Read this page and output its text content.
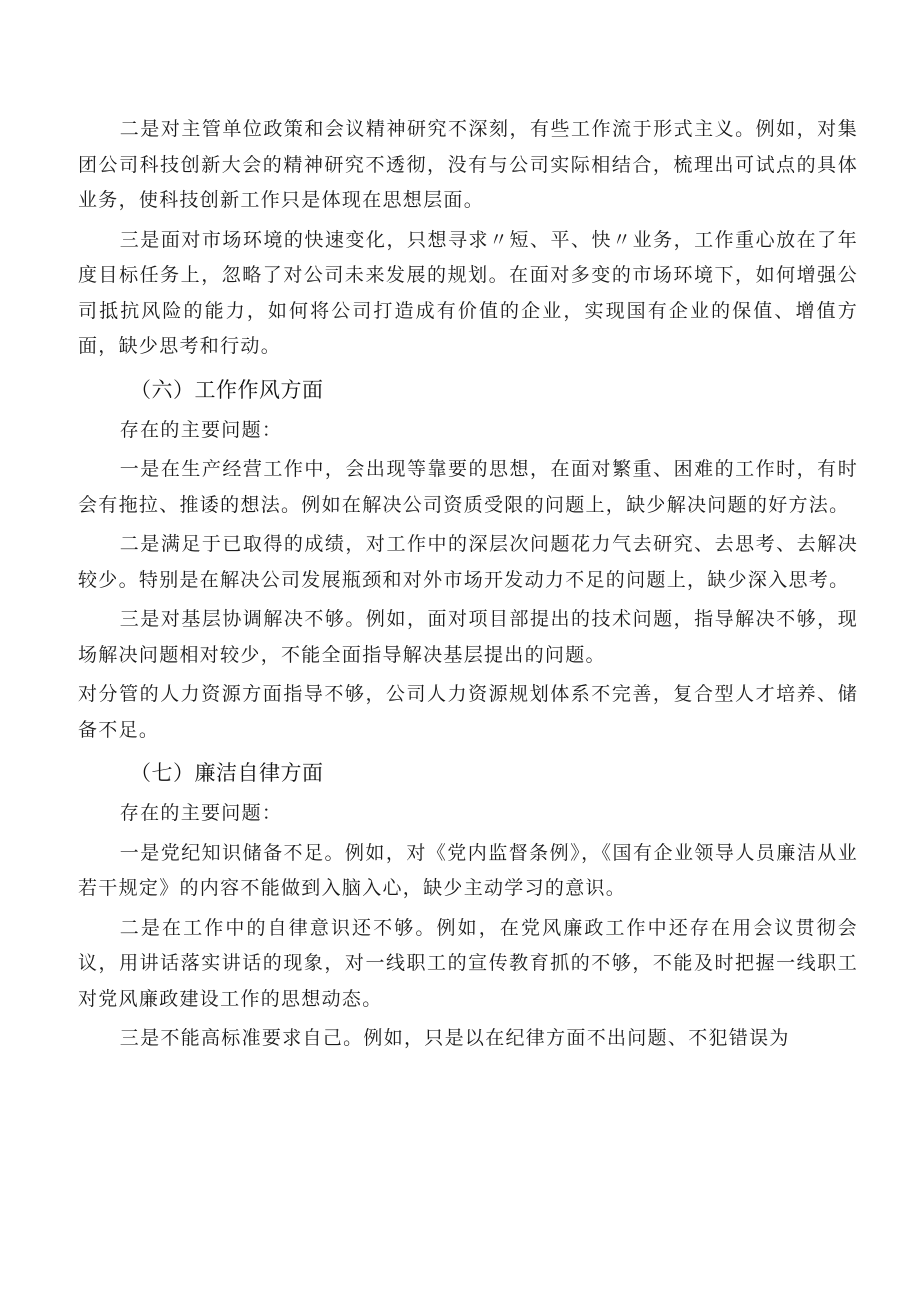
二是对主管单位政策和会议精神研究不深刻，有些工作流于形式主义。例如，对集团公司科技创新大会的精神研究不透彻，没有与公司实际相结合，梳理出可试点的具体业务，使科技创新工作只是体现在思想层面。

三是面对市场环境的快速变化，只想寻求〃短、平、快〃业务，工作重心放在了年度目标任务上，忽略了对公司未来发展的规划。在面对多变的市场环境下，如何增强公司抵抗风险的能力，如何将公司打造成有价值的企业，实现国有企业的保值、增值方面，缺少思考和行动。

（六）工作作风方面

存在的主要问题：

一是在生产经营工作中，会出现等靠要的思想，在面对繁重、困难的工作时，有时会有拖拉、推诿的想法。例如在解决公司资质受限的问题上，缺少解决问题的好方法。

二是满足于已取得的成绩，对工作中的深层次问题花力气去研究、去思考、去解决较少。特别是在解决公司发展瓶颈和对外市场开发动力不足的问题上，缺少深入思考。

三是对基层协调解决不够。例如，面对项目部提出的技术问题，指导解决不够，现场解决问题相对较少，不能全面指导解决基层提出的问题。

对分管的人力资源方面指导不够，公司人力资源规划体系不完善，复合型人才培养、储备不足。

（七）廉洁自律方面

存在的主要问题：

一是党纪知识储备不足。例如，对《党内监督条例》，《国有企业领导人员廉洁从业若干规定》的内容不能做到入脑入心，缺少主动学习的意识。

二是在工作中的自律意识还不够。例如，在党风廉政工作中还存在用会议贯彻会议，用讲话落实讲话的现象，对一线职工的宣传教育抓的不够，不能及时把握一线职工对党风廉政建设工作的思想动态。

三是不能高标准要求自己。例如，只是以在纪律方面不出问题、不犯错误为
